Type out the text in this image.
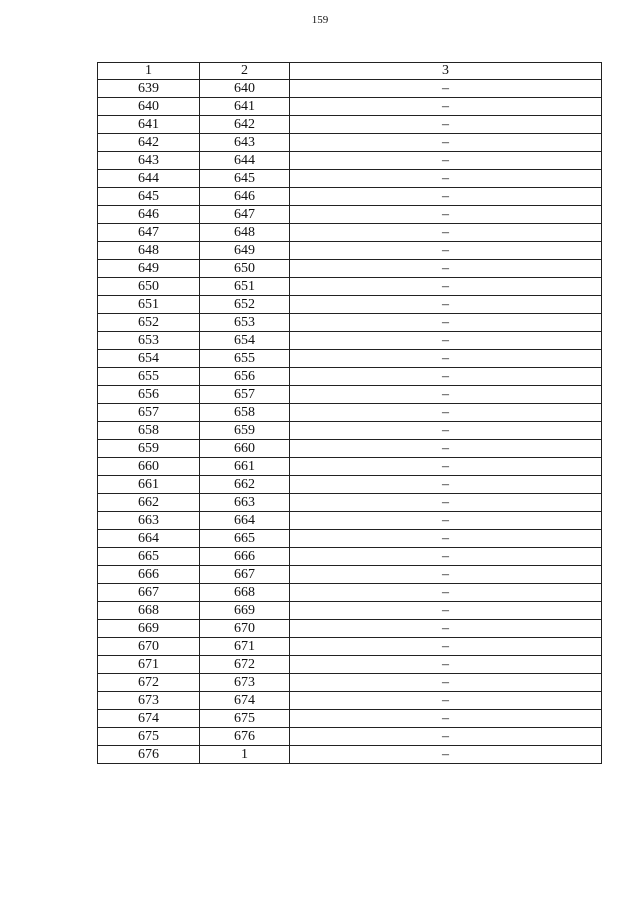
159
1	2	3
639	640	–
640	641	–
641	642	–
642	643	–
643	644	–
644	645	–
645	646	–
646	647	–
647	648	–
648	649	–
649	650	–
650	651	–
651	652	–
652	653	–
653	654	–
654	655	–
655	656	–
656	657	–
657	658	–
658	659	–
659	660	–
660	661	–
661	662	–
662	663	–
663	664	–
664	665	–
665	666	–
666	667	–
667	668	–
668	669	–
669	670	–
670	671	–
671	672	–
672	673	–
673	674	–
674	675	–
675	676	–
676	1	–
